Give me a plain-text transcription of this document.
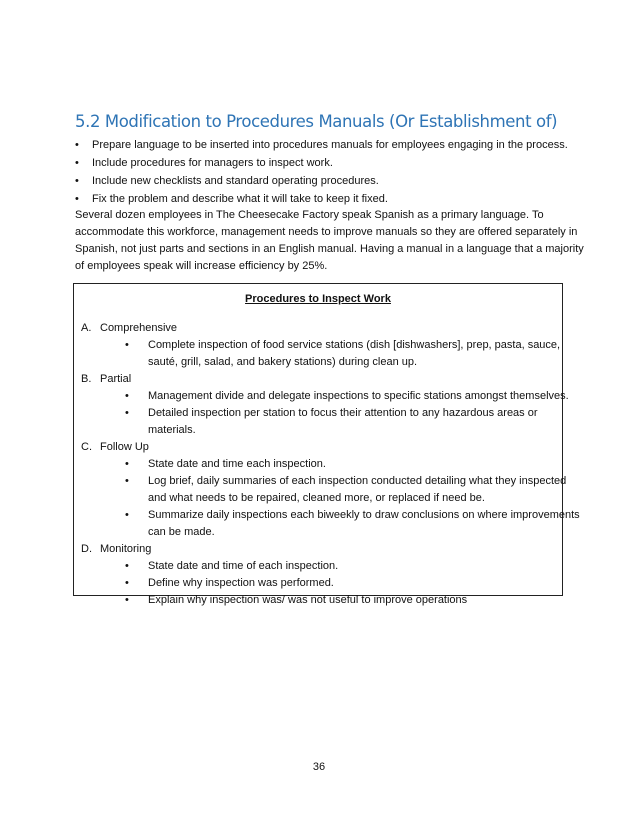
5.2 Modification to Procedures Manuals (Or Establishment of)
• Prepare language to be inserted into procedures manuals for employees engaging in the process.
• Include procedures for managers to inspect work.
• Include new checklists and standard operating procedures.
• Fix the problem and describe what it will take to keep it fixed.
Several dozen employees in The Cheesecake Factory speak Spanish as a primary language. To
accommodate this workforce, management needs to improve manuals so they are offered separately in
Spanish, not just parts and sections in an English manual. Having a manual in a language that a majority
of employees speak will increase efficiency by 25%.
Procedures to Inspect Work
A. Comprehensive
• Complete inspection of food service stations (dish [dishwashers], prep, pasta, sauce,
sauté, grill, salad, and bakery stations) during clean up.
B. Partial
• Management divide and delegate inspections to specific stations amongst themselves.
• Detailed inspection per station to focus their attention to any hazardous areas or
materials.
C. Follow Up
• State date and time each inspection.
• Log brief, daily summaries of each inspection conducted detailing what they inspected
and what needs to be repaired, cleaned more, or replaced if need be.
• Summarize daily inspections each biweekly to draw conclusions on where improvements
can be made.
D. Monitoring
• State date and time of each inspection.
• Define why inspection was performed.
• Explain why inspection was/ was not useful to improve operations
36
